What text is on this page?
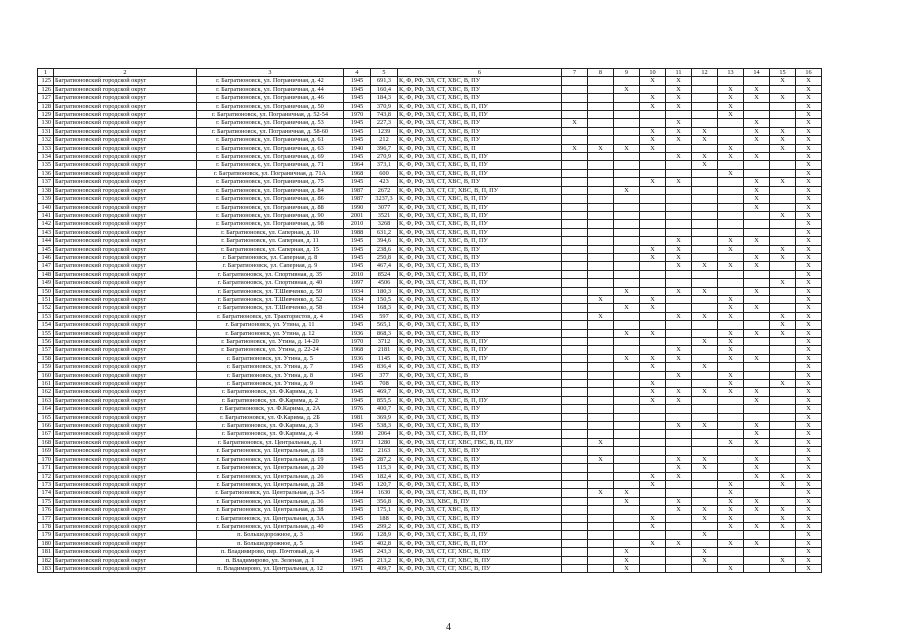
1	2	3	4	5	6	7	8	9	10	11	12	13	14	15	16
125	Багратионовский городской округ	г. Багратионовск, ул. Пограничная, д. 42	1945	691,3	К, Ф, РФ, ЭЛ, СТ, ХВС, В, ПУ				X	X				X	X
126	Багратионовский городской округ	г. Багратионовск, ул. Пограничная, д. 44	1945	160,4	К, Ф, РФ, ЭЛ, СТ, ХВС, В, ПУ			X		X		X	X		X
127	Багратионовский городской округ	г. Багратионовск, ул. Пограничная, д. 46	1945	184,3	К, Ф, РФ, ЭЛ, СТ, ХВС, В, ПУ				X	X		X	X	X	X
128	Багратионовский городской округ	г. Багратионовск, ул. Пограничная, д. 50	1945	370,9	К, Ф, РФ, ЭЛ, СТ, ХВС, В, П, ПУ				X	X		X			X
129	Багратионовский городской округ	г. Багратионовск, ул. Пограничная, д. 52-54	1970	743,8	К, Ф, РФ, ЭЛ, СТ, ХВС, В, П, ПУ							X			X
130	Багратионовский городской округ	г. Багратионовск, ул. Пограничная, д. 53	1945	227,3	К, Ф, РФ, ЭЛ, СТ, ХВС, В, ПУ	X				X			X		X
131	Багратионовский городской округ	г. Багратионовск, ул. Пограничная, д. 58-60	1945	1239	К, Ф, РФ, ЭЛ, СТ, ХВС, В, ПУ				X	X	X		X	X	X
132	Багратионовский городской округ	г. Багратионовск, ул. Пограничная, д. 61	1945	212	К, Ф, РФ, ЭЛ, СТ, ХВС, В, ПУ				X	X	X		X	X	X
133	Багратионовский городской округ	г. Багратионовск, ул. Пограничная, д. 63	1940	396,7	К, Ф, РФ, ЭЛ, СТ, ХВС, В, П	X	X	X	X			X		X	X
134	Багратионовский городской округ	г. Багратионовск, ул. Пограничная, д. 69	1945	270,9	К, Ф, РФ, ЭЛ, СТ, ХВС, В, П, ПУ					X	X	X	X		X
135	Багратионовский городской округ	г. Багратионовск, ул. Пограничная, д. 71	1964	373,1	К, Ф, РФ, ЭЛ, СТ, ХВС, В, П, ПУ						X				X
136	Багратионовский городской округ	г. Багратионовск, ул. Пограничная, д. 71А	1968	600	К, Ф, РФ, ЭЛ, СТ, ХВС, В, П, ПУ							X			X
137	Багратионовский городской округ	г. Багратионовск, ул. Пограничная, д. 75	1945	423	К, Ф, РФ, ЭЛ, СТ, ХВС, В, ПУ				X	X			X	X	X
138	Багратионовский городской округ	г. Багратионовск, ул. Пограничная, д. 84	1987	2672	К, Ф, РФ, ЭЛ, СТ, СГ, ХВС, В, П, ПУ			X					X		X
139	Багратионовский городской округ	г. Багратионовск, ул. Пограничная, д. 86	1987	3237,3	К, Ф, РФ, ЭЛ, СТ, ХВС, В, П, ПУ								X		X
140	Багратионовский городской округ	г. Багратионовск, ул. Пограничная, д. 88	1990	3077	К, Ф, РФ, ЭЛ, СТ, ХВС, В, П, ПУ								X		X
141	Багратионовский городской округ	г. Багратионовск, ул. Пограничная, д. 90	2001	3521	К, Ф, РФ, ЭЛ, СТ, ХВС, В, П, ПУ									X	X
142	Багратионовский городской округ	г. Багратионовск, ул. Пограничная, д. 98	2010	3268	К, Ф, РФ, ЭЛ, СТ, ХВС, В, П, ПУ										X
143	Багратионовский городской округ	г. Багратионовск, ул. Саперная, д. 10	1988	631,2	К, Ф, РФ, ЭЛ, СТ, ХВС, В, П, ПУ										X
144	Багратионовский городской округ	г. Багратионовск, ул. Саперная, д. 11	1945	394,6	К, Ф, РФ, ЭЛ, СТ, ХВС, В, П, ПУ					X		X	X		X
145	Багратионовский городской округ	г. Багратионовск, ул. Саперная, д. 15	1945	238,6	К, Ф, РФ, ЭЛ, СТ, ХВС, В, ПУ				X	X		X		X	X
146	Багратионовский городской округ	г. Багратионовск, ул. Саперная, д. 8	1945	250,8	К, Ф, РФ, ЭЛ, СТ, ХВС, В, ПУ				X	X			X	X	X
147	Багратионовский городской округ	г. Багратионовск, ул. Саперная, д. 9	1945	467,4	К, Ф, РФ, ЭЛ, СТ, ХВС, В, ПУ					X	X	X	X		X
148	Багратионовский городской округ	г. Багратионовск, ул. Спортивная, д. 35	2010	8524	К, Ф, РФ, ЭЛ, СТ, ХВС, В, П, ПУ										X
149	Багратионовский городской округ	г. Багратионовск, ул. Спортивная, д. 40	1997	4506	К, Ф, РФ, ЭЛ, СТ, ХВС, В, П, ПУ									X	X
150	Багратионовский городской округ	г. Багратионовск, ул. Т.Шевченко, д. 50	1934	180,3	К, Ф, РФ, ЭЛ, СТ, ХВС, В, ПУ			X		X	X		X		X
151	Багратионовский городской округ	г. Багратионовск, ул. Т.Шевченко, д. 52	1934	150,5	К, Ф, РФ, ЭЛ, СТ, ХВС, В, ПУ		X		X			X			X
152	Багратионовский городской округ	г. Багратионовск, ул. Т.Шевченко, д. 58	1934	168,3	К, Ф, РФ, ЭЛ, СТ, ХВС, В, ПУ			X	X			X	X		X
153	Багратионовский городской округ	г. Багратионовск, ул. Трактористов, д. 4	1945	597	К, Ф, РФ, ЭЛ, СТ, ХВС, В, ПУ		X			X	X	X		X	X
154	Багратионовский городской округ	г. Багратионовск, ул. Утина, д. 11	1945	565,1	К, Ф, РФ, ЭЛ, СТ, ХВС, В, ПУ									X	X
155	Багратионовский городской округ	г. Багратионовск, ул. Утина, д. 12	1936	868,3	К, Ф, РФ, ЭЛ, СТ, ХВС, В, ПУ			X	X			X	X	X	X
156	Багратионовский городской округ	г. Багратионовск, ул. Утина, д. 14-20	1970	3712	К, Ф, РФ, ЭЛ, СТ, ХВС, В, П, ПУ						X	X			X
157	Багратионовский городской округ	г. Багратионовск, ул. Утина, д. 22-24	1968	2181	К, Ф, РФ, ЭЛ, СТ, ХВС, В, П, ПУ					X		X			X
158	Багратионовский городской округ	г. Багратионовск, ул. Утина, д. 5	1936	1145	К, Ф, РФ, ЭЛ, СТ, ХВС, В, П, ПУ			X	X	X		X	X		X
159	Багратионовский городской округ	г. Багратионовск, ул. Утина, д. 7	1945	836,4	К, Ф, РФ, ЭЛ, СТ, ХВС, В, ПУ				X		X				X
160	Багратионовский городской округ	г. Багратионовск, ул. Утина, д. 8	1945	377	К, Ф, РФ, ЭЛ, СТ, ХВС, В					X		X			X
161	Багратионовский городской округ	г. Багратионовск, ул. Утина, д. 9	1945	708	К, Ф, РФ, ЭЛ, СТ, ХВС, В, ПУ				X			X		X	X
162	Багратионовский городской округ	г. Багратионовск, ул. Ф.Карима, д. 1	1945	469,7	К, Ф, РФ, ЭЛ, СТ, ХВС, В, ПУ				X	X	X	X	X		X
163	Багратионовский городской округ	г. Багратионовск, ул. Ф.Карима, д. 2	1945	855,5	К, Ф, РФ, ЭЛ, СТ, ХВС, В, П, ПУ				X	X			X		X
164	Багратионовский городской округ	г. Багратионовск, ул. Ф.Карима, д. 2А	1976	400,7	К, Ф, РФ, ЭЛ, СТ, ХВС, В, ПУ										X
165	Багратионовский городской округ	г. Багратионовск, ул. Ф.Карима, д. 2Б	1981	369,9	К, Ф, РФ, ЭЛ, СТ, ХВС, В, ПУ										X
166	Багратионовский городской округ	г. Багратионовск, ул. Ф.Карима, д. 3	1945	538,3	К, Ф, РФ, ЭЛ, СТ, ХВС, В, ПУ					X	X		X		X
167	Багратионовский городской округ	г. Багратионовск, ул. Ф.Карима, д. 4	1990	2064	К, Ф, РФ, ЭЛ, СТ, ХВС, В, П, ПУ								X		X
168	Багратионовский городской округ	г. Багратионовск, ул. Центральная, д. 1	1973	1280	К, Ф, РФ, ЭЛ, СТ, СГ, ХВС, ГВС, В, П, ПУ		X					X	X		X
169	Багратионовский городской округ	г. Багратионовск, ул. Центральная, д. 18	1982	2163	К, Ф, РФ, ЭЛ, СТ, ХВС, В, ПУ										X
170	Багратионовский городской округ	г. Багратионовск, ул. Центральная, д. 19	1945	287,2	К, Ф, РФ, ЭЛ, СТ, ХВС, В, ПУ		X			X	X		X		X
171	Багратионовский городской округ	г. Багратионовск, ул. Центральная, д. 20	1945	115,3	К, Ф, РФ, ЭЛ, СТ, ХВС, В, ПУ					X	X		X		X
172	Багратионовский городской округ	г. Багратионовск, ул. Центральная, д. 26	1945	182,4	К, Ф, РФ, ЭЛ, СТ, ХВС, В, ПУ				X	X			X	X	X
173	Багратионовский городской округ	г. Багратионовск, ул. Центральная, д. 28	1945	120,7	К, Ф, РФ, ЭЛ, СТ, ХВС, В, ПУ				X			X		X	X
174	Багратионовский городской округ	г. Багратионовск, ул. Центральная, д. 3-5	1964	1630	К, Ф, РФ, ЭЛ, СТ, ХВС, В, П, ПУ		X	X				X			X
175	Багратионовский городской округ	г. Багратионовск, ул. Центральная, д. 36	1945	356,8	К, Ф, РФ, ЭЛ, ХВС, В, ПУ			X		X		X	X		X
176	Багратионовский городской округ	г. Багратионовск, ул. Центральная, д. 38	1945	175,1	К, Ф, РФ, ЭЛ, СТ, ХВС, В, ПУ					X	X	X	X	X	X
177	Багратионовский городской округ	г. Багратионовск, ул. Центральная, д. 3А	1945	188	К, Ф, РФ, ЭЛ, СТ, ХВС, В, ПУ				X		X	X		X	X
178	Багратионовский городской округ	г. Багратионовск, ул. Центральная, д. 40	1945	299,2	К, Ф, РФ, ЭЛ, СТ, ХВС, В, ПУ				X			X	X	X	X
179	Багратионовский городской округ	п. Большедорожное, д. 3	1966	128,9	К, Ф, РФ, ЭЛ, СТ, ХВС, В, Л, ПУ						X				X
180	Багратионовский городской округ	п. Большедорожное, д. 5	1945	402,8	К, Ф, РФ, ЭЛ, СТ, ХВС, В, П, ПУ				X	X		X	X		X
181	Багратионовский городской округ	п. Владимирово, пер. Почтовый, д. 4	1945	243,3	К, Ф, РФ, ЭЛ, СТ, СГ, ХВС, В, ПУ			X			X				X
182	Багратионовский городской округ	п. Владимирово, ул. Зеленая, д. 1	1945	213,2	К, Ф, РФ, ЭЛ, СТ, СГ, ХВС, В, ПУ			X			X			X	X
183	Багратионовский городской округ	п. Владимирово, ул. Центральная, д. 12	1971	409,7	К, Ф, РФ, ЭЛ, СТ, СГ, ХВС, В, ПУ			X				X			X
4
